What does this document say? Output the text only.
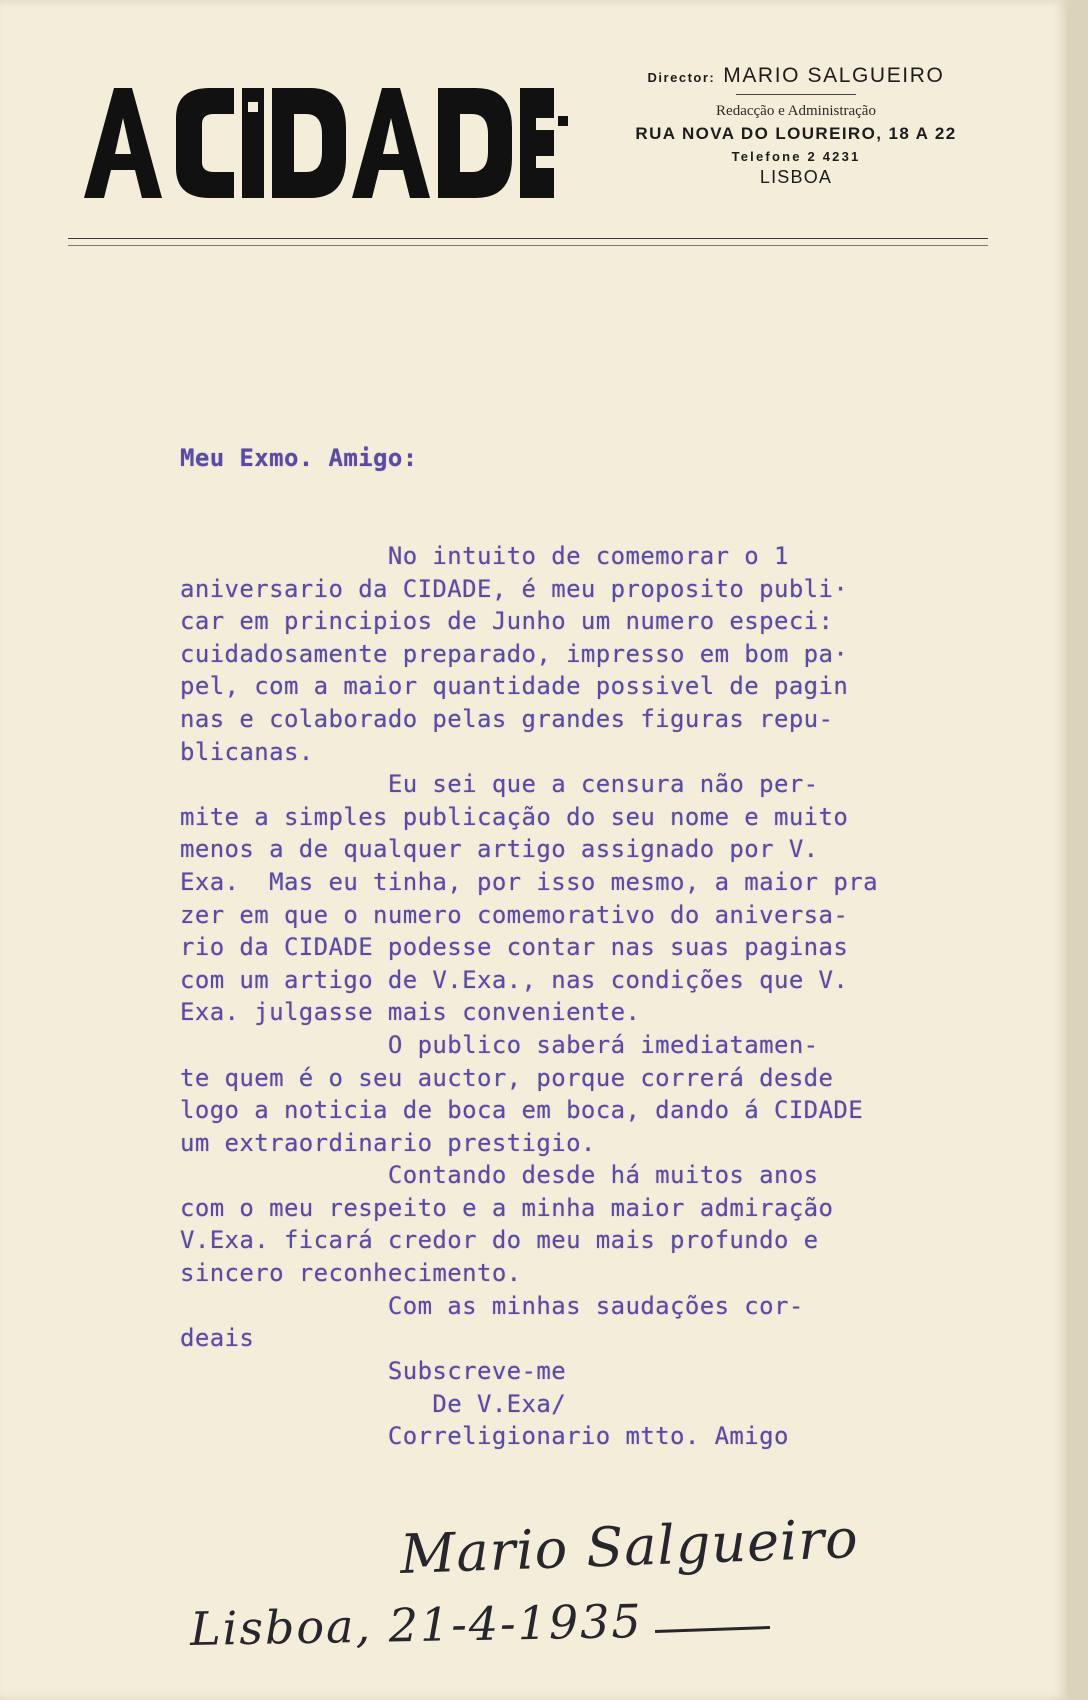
Director: MARIO SALGUEIRO

Redacção e Administração

RUA NOVA DO LOUREIRO, 18 A 22

Telefone 2 4231

LISBOA

Meu Exmo. Amigo:
No intuito de comemorar o 1
aniversario da CIDADE, é meu proposito publi·
car em principios de Junho um numero especi:
cuidadosamente preparado, impresso em bom pa·
pel, com a maior quantidade possivel de pagin
nas e colaborado pelas grandes figuras repu-
blicanas.
Eu sei que a censura não per-
mite a simples publicação do seu nome e muito
menos a de qualquer artigo assignado por V.
Exa.  Mas eu tinha, por isso mesmo, a maior pra
zer em que o numero comemorativo do aniversa-
rio da CIDADE podesse contar nas suas paginas
com um artigo de V.Exa., nas condições que V.
Exa. julgasse mais conveniente.
O publico saberá imediatamen-
te quem é o seu auctor, porque correrá desde
logo a noticia de boca em boca, dando á CIDADE
um extraordinario prestigio.
Contando desde há muitos anos
com o meu respeito e a minha maior admiração
V.Exa. ficará credor do meu mais profundo e
sincero reconhecimento.
Com as minhas saudações cor-
deais
Subscreve-me
De V.Exa/
Correligionario mtto. Amigo
Mario Salgueiro
Lisboa, 21-4-1935
